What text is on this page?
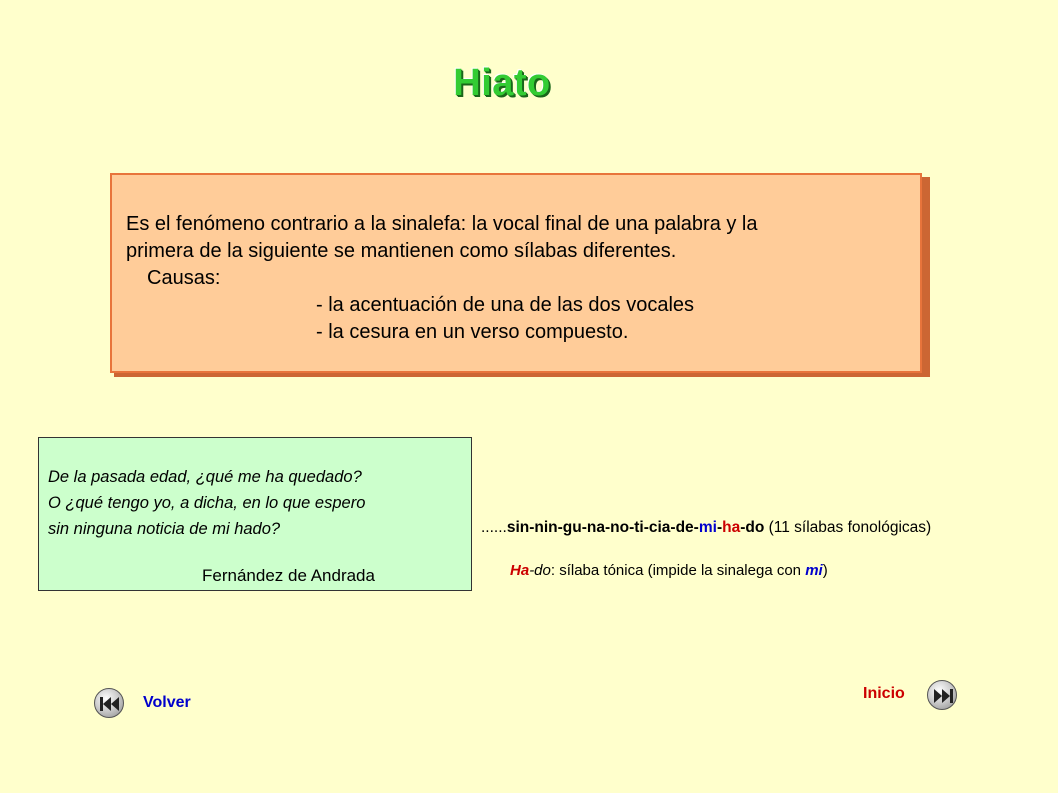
Hiato
Es el fenómeno contrario a la sinalefa: la vocal final de una palabra y la
primera de la siguiente se mantienen como sílabas diferentes.
Causas:
- la acentuación de una de las dos vocales
- la cesura en un verso compuesto.
De la pasada edad, ¿qué me ha quedado?
O ¿qué tengo yo, a dicha, en lo que espero
sin ninguna noticia de mi hado?
Fernández de Andrada
......sin-nin-gu-na-no-ti-cia-de-mi-ha-do (11 sílabas fonológicas)
Ha-do: sílaba tónica (impide la sinalega con mi)
Volver
Inicio
